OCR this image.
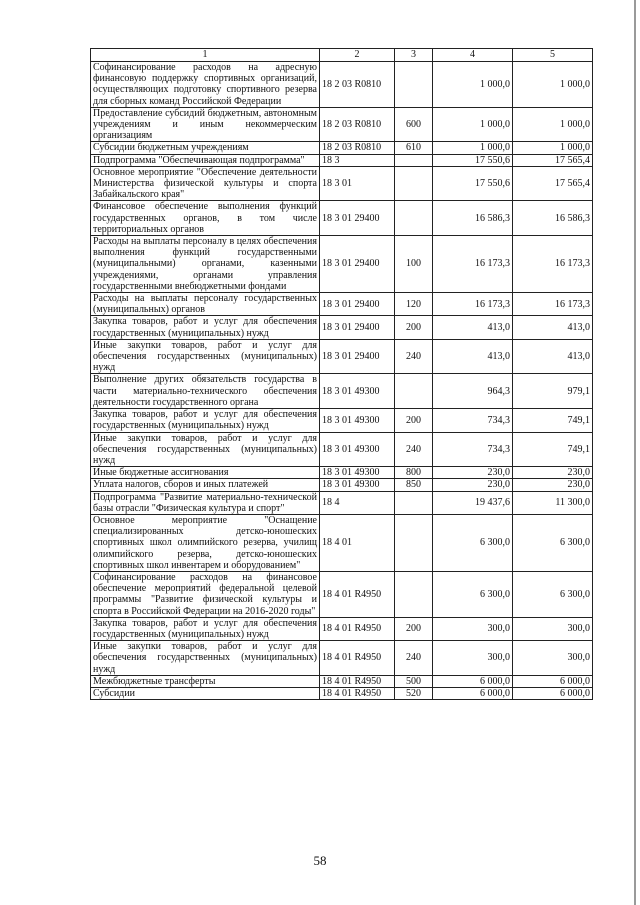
1	2	3	4	5
Софинансирование расходов на адресную финансовую поддержку спортивных организаций, осуществляющих подготовку спортивного резерва для сборных команд Российской Федерации	18 2 03 R0810		1 000,0	1 000,0
Предоставление субсидий бюджетным, автономным учреждениям и иным некоммерческим организациям	18 2 03 R0810	600	1 000,0	1 000,0
Субсидии бюджетным учреждениям	18 2 03 R0810	610	1 000,0	1 000,0
Подпрограмма "Обеспечивающая подпрограмма"	18 3		17 550,6	17 565,4
Основное мероприятие "Обеспечение деятельности Министерства физической культуры и спорта Забайкальского края"	18 3 01		17 550,6	17 565,4
Финансовое обеспечение выполнения функций государственных органов, в том числе территориальных органов	18 3 01 29400		16 586,3	16 586,3
Расходы на выплаты персоналу в целях обеспечения выполнения функций государственными (муниципальными) органами, казенными учреждениями, органами управления государственными внебюджетными фондами	18 3 01 29400	100	16 173,3	16 173,3
Расходы на выплаты персоналу государственных (муниципальных) органов	18 3 01 29400	120	16 173,3	16 173,3
Закупка товаров, работ и услуг для обеспечения государственных (муниципальных) нужд	18 3 01 29400	200	413,0	413,0
Иные закупки товаров, работ и услуг для обеспечения государственных (муниципальных) нужд	18 3 01 29400	240	413,0	413,0
Выполнение других обязательств государства в части материально-технического обеспечения деятельности государственного органа	18 3 01 49300		964,3	979,1
Закупка товаров, работ и услуг для обеспечения государственных (муниципальных) нужд	18 3 01 49300	200	734,3	749,1
Иные закупки товаров, работ и услуг для обеспечения государственных (муниципальных) нужд	18 3 01 49300	240	734,3	749,1
Иные бюджетные ассигнования	18 3 01 49300	800	230,0	230,0
Уплата налогов, сборов и иных платежей	18 3 01 49300	850	230,0	230,0
Подпрограмма "Развитие материально-технической базы отрасли "Физическая культура и спорт"	18 4		19 437,6	11 300,0
Основное мероприятие "Оснащение специализированных детско-юношеских спортивных школ олимпийского резерва, училищ олимпийского резерва, детско-юношеских спортивных школ инвентарем и оборудованием"	18 4 01		6 300,0	6 300,0
Софинансирование расходов на финансовое обеспечение мероприятий федеральной целевой программы "Развитие физической культуры и спорта в Российской Федерации на 2016-2020 годы"	18 4 01 R4950		6 300,0	6 300,0
Закупка товаров, работ и услуг для обеспечения государственных (муниципальных) нужд	18 4 01 R4950	200	300,0	300,0
Иные закупки товаров, работ и услуг для обеспечения государственных (муниципальных) нужд	18 4 01 R4950	240	300,0	300,0
Межбюджетные трансферты	18 4 01 R4950	500	6 000,0	6 000,0
Субсидии	18 4 01 R4950	520	6 000,0	6 000,0
58
